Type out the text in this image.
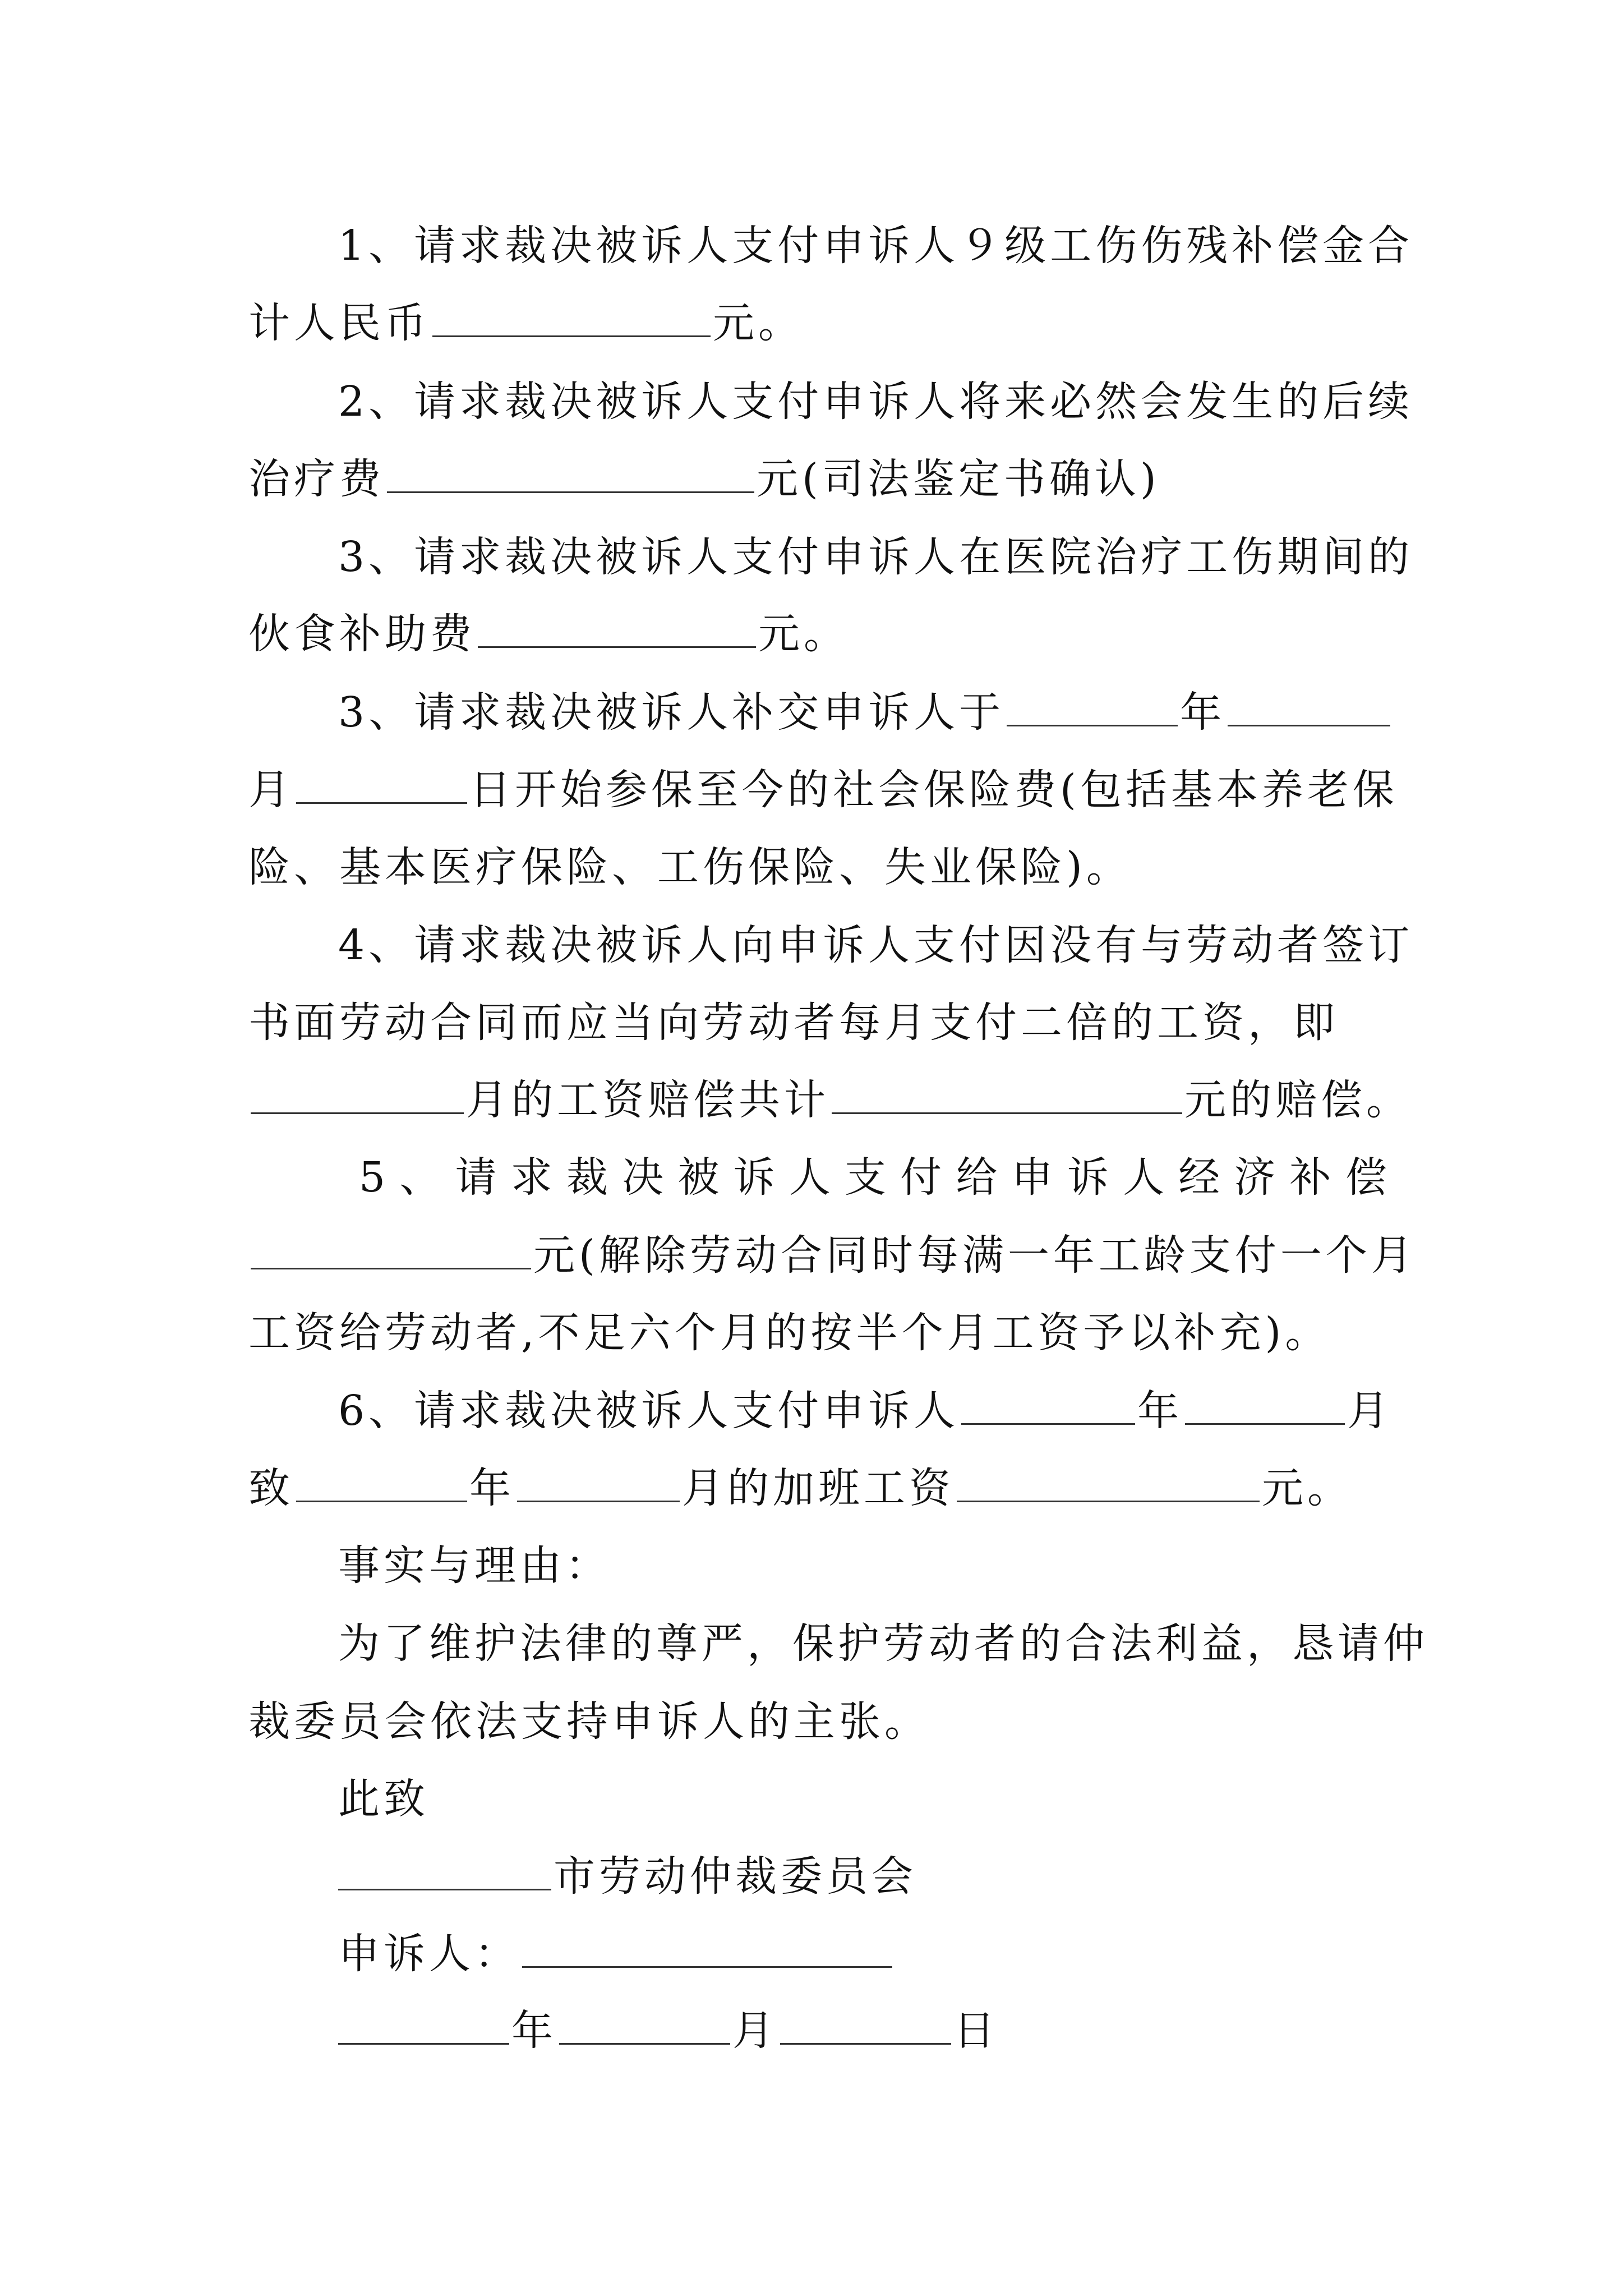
1、请求裁决被诉人支付申诉人９级工伤伤残补偿金合
计人民币	元。
2、请求裁决被诉人支付申诉人将来必然会发生的后续
治疗费	元(司法鉴定书确认)
3、请求裁决被诉人支付申诉人在医院治疗工伤期间的
伙食补助费	元。
3、请求裁决被诉人补交申诉人于	年
月	日开始参保至今的社会保险费(包括基本养老保
险、基本医疗保险、工伤保险、失业保险)。
4、请求裁决被诉人向申诉人支付因没有与劳动者签订
书面劳动合同而应当向劳动者每月支付二倍的工资，即
月的工资赔偿共计	元的赔偿。
5 、 请 求 裁 决 被 诉 人 支 付 给 申 诉 人 经 济 补 偿
元(解除劳动合同时每满一年工龄支付一个月
工资给劳动者,不足六个月的按半个月工资予以补充)。
6、请求裁决被诉人支付申诉人	年	月
致	年	月的加班工资	元。
事实与理由：
为了维护法律的尊严，保护劳动者的合法利益，恳请仲
裁委员会依法支持申诉人的主张。
此致
市劳动仲裁委员会
申诉人：
年	月	日
